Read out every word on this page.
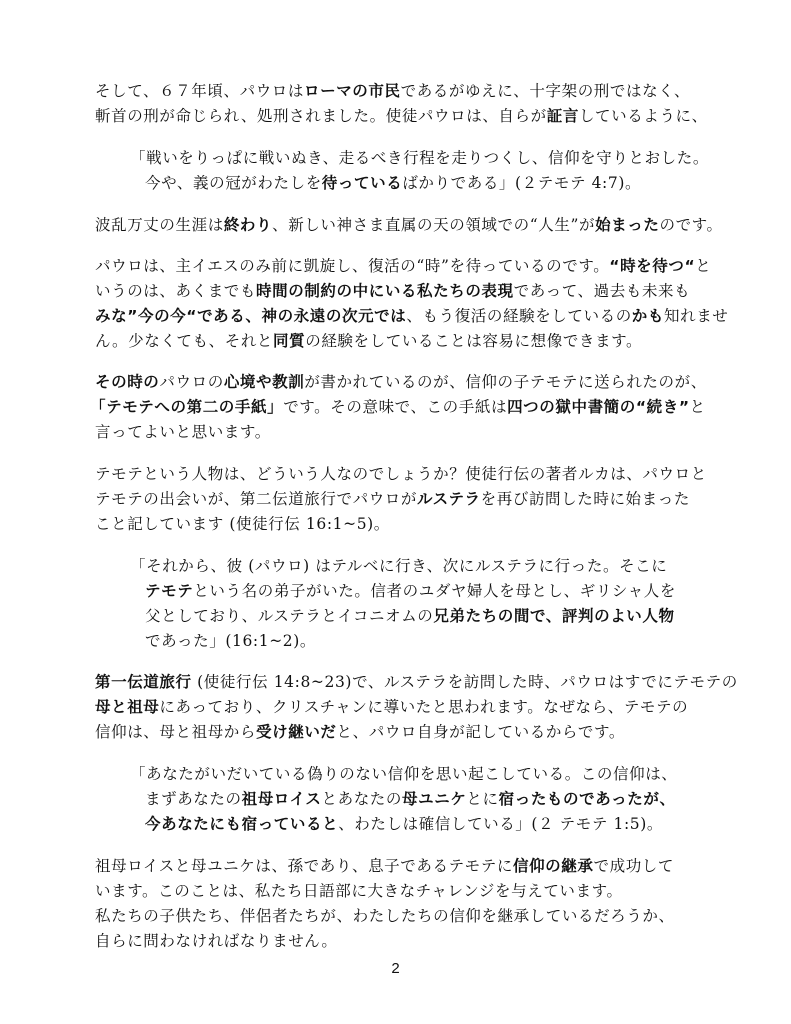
そして、６７年頃、パウロはローマの市民であるがゆえに、十字架の刑ではなく、
斬首の刑が命じられ、処刑されました。使徒パウロは、自らが証言しているように、
「戦いをりっぱに戦いぬき、走るべき行程を走りつくし、信仰を守りとおした。
今や、義の冠がわたしを待っているばかりである」(２テモテ 4:7)。
波乱万丈の生涯は終わり、新しい神さま直属の天の領域での“人生”が始まったのです。
パウロは、主イエスのみ前に凱旋し、復活の“時”を待っているのです。“時を待つ“と
いうのは、あくまでも時間の制約の中にいる私たちの表現であって、過去も未来も
みな”今の今“である、神の永遠の次元では、もう復活の経験をしているのかも知れませ
ん。少なくても、それと同質の経験をしていることは容易に想像できます。
その時のパウロの心境や教訓が書かれているのが、信仰の子テモテに送られたのが、
「テモテへの第二の手紙」です。その意味で、この手紙は四つの獄中書簡の“続き”と
言ってよいと思います。
テモテという人物は、どういう人なのでしょうか？使徒行伝の著者ルカは、パウロと
テモテの出会いが、第二伝道旅行でパウロがルステラを再び訪問した時に始まった
こと記しています (使徒行伝 16:1~5)。
「それから、彼 (パウロ) はテルベに行き、次にルステラに行った。そこに
テモテという名の弟子がいた。信者のユダヤ婦人を母とし、ギリシャ人を
父としており、ルステラとイコニオムの兄弟たちの間で、評判のよい人物
であった」(16:1~2)。
第一伝道旅行 (使徒行伝 14:8~23)で、ルステラを訪問した時、パウロはすでにテモテの
母と祖母にあっており、クリスチャンに導いたと思われます。なぜなら、テモテの
信仰は、母と祖母から受け継いだと、パウロ自身が記しているからです。
「あなたがいだいている偽りのない信仰を思い起こしている。この信仰は、
まずあなたの祖母ロイスとあなたの母ユニケとに宿ったものであったが、
今あなたにも宿っていると、わたしは確信している」(２ テモテ 1:5)。
祖母ロイスと母ユニケは、孫であり、息子であるテモテに信仰の継承で成功して
います。このことは、私たち日語部に大きなチャレンジを与えています。
私たちの子供たち、伴侶者たちが、わたしたちの信仰を継承しているだろうか、
自らに問わなければなりません。
2
